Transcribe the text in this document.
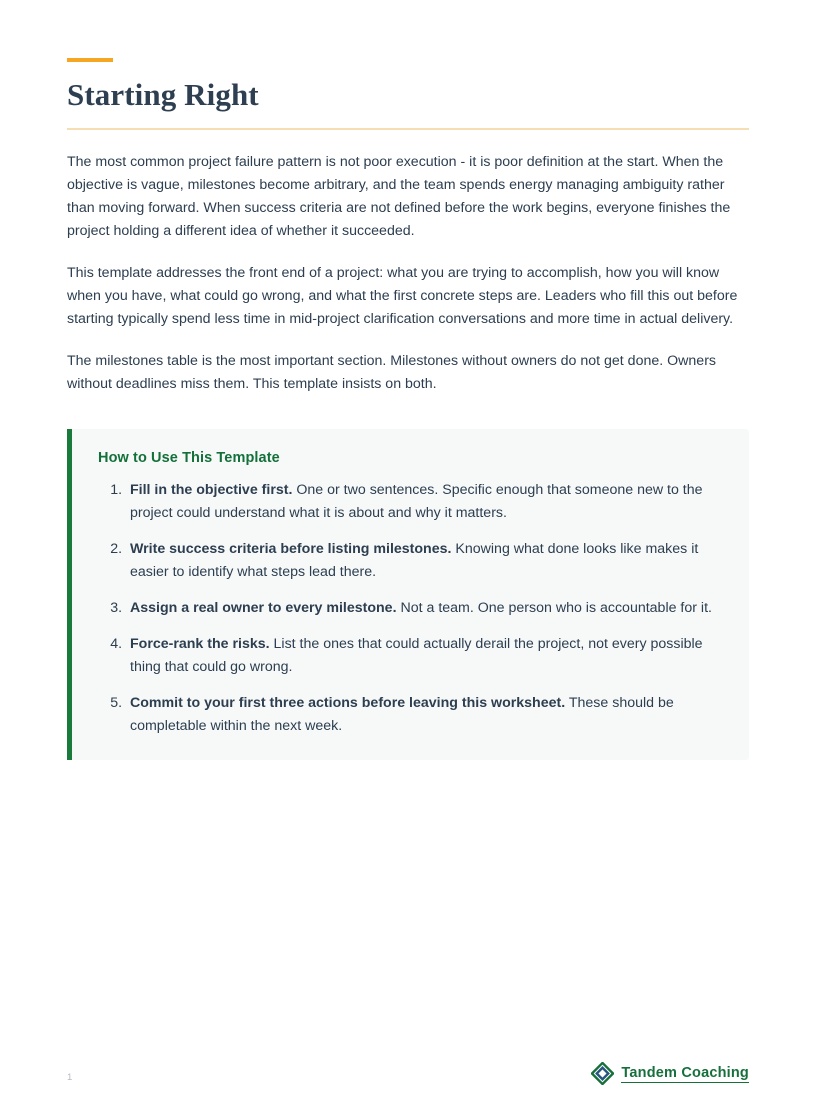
Starting Right

The most common project failure pattern is not poor execution - it is poor definition at the start. When the objective is vague, milestones become arbitrary, and the team spends energy managing ambiguity rather than moving forward. When success criteria are not defined before the work begins, everyone finishes the project holding a different idea of whether it succeeded.

This template addresses the front end of a project: what you are trying to accomplish, how you will know when you have, what could go wrong, and what the first concrete steps are. Leaders who fill this out before starting typically spend less time in mid-project clarification conversations and more time in actual delivery.

The milestones table is the most important section. Milestones without owners do not get done. Owners without deadlines miss them. This template insists on both.

How to Use This Template
1. Fill in the objective first. One or two sentences. Specific enough that someone new to the project could understand what it is about and why it matters.
2. Write success criteria before listing milestones. Knowing what done looks like makes it easier to identify what steps lead there.
3. Assign a real owner to every milestone. Not a team. One person who is accountable for it.
4. Force-rank the risks. List the ones that could actually derail the project, not every possible thing that could go wrong.
5. Commit to your first three actions before leaving this worksheet. These should be completable within the next week.
1	Tandem Coaching
